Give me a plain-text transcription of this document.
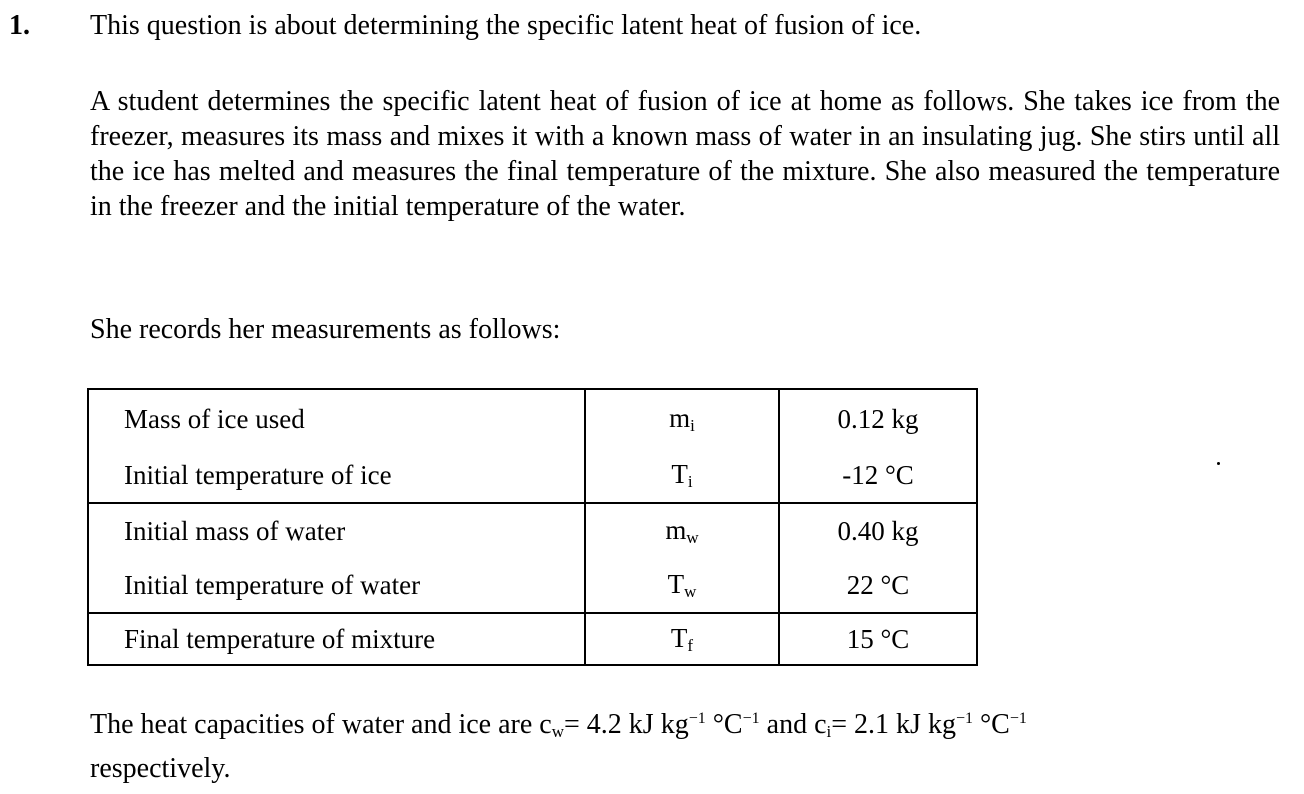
1. This question is about determining the specific latent heat of fusion of ice.
A student determines the specific latent heat of fusion of ice at home as follows. She takes ice from the freezer, measures its mass and mixes it with a known mass of water in an insulating jug. She stirs until all the ice has melted and measures the final temperature of the mixture. She also measured the temperature in the freezer and the initial temperature of the water.
She records her measurements as follows:
Mass of ice used	$m_i$	0.12 kg
Initial temperature of ice	$T_i$	-12 °C
Initial mass of water	$m_w$	0.40 kg
Initial temperature of water	$T_w$	22 °C
Final temperature of mixture	$T_f$	15 °C
The heat capacities of water and ice are $c_w= 4.2$ kJ $kg^{-1}$ $^\circ C^{-1}$ and $c_i= 2.1$ kJ $kg^{-1}$ $^\circ C^{-1}$
respectively.
